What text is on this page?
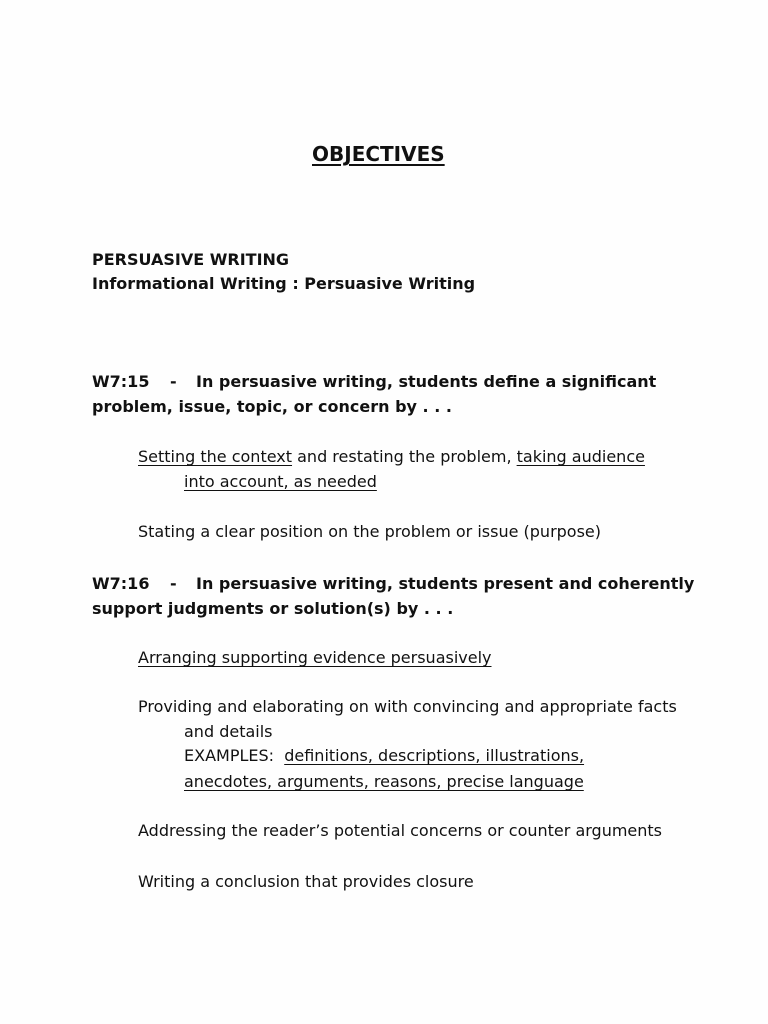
OBJECTIVES
PERSUASIVE WRITING
Informational Writing : Persuasive Writing
W7:15 - In persuasive writing, students define a significant
problem, issue, topic, or concern by . . .
Setting the context and restating the problem, taking audience
into account, as needed
Stating a clear position on the problem or issue (purpose)
W7:16 - In persuasive writing, students present and coherently
support judgments or solution(s) by . . .
Arranging supporting evidence persuasively
Providing and elaborating on with convincing and appropriate facts
and details
EXAMPLES: definitions, descriptions, illustrations,
anecdotes, arguments, reasons, precise language
Addressing the reader’s potential concerns or counter arguments
Writing a conclusion that provides closure
